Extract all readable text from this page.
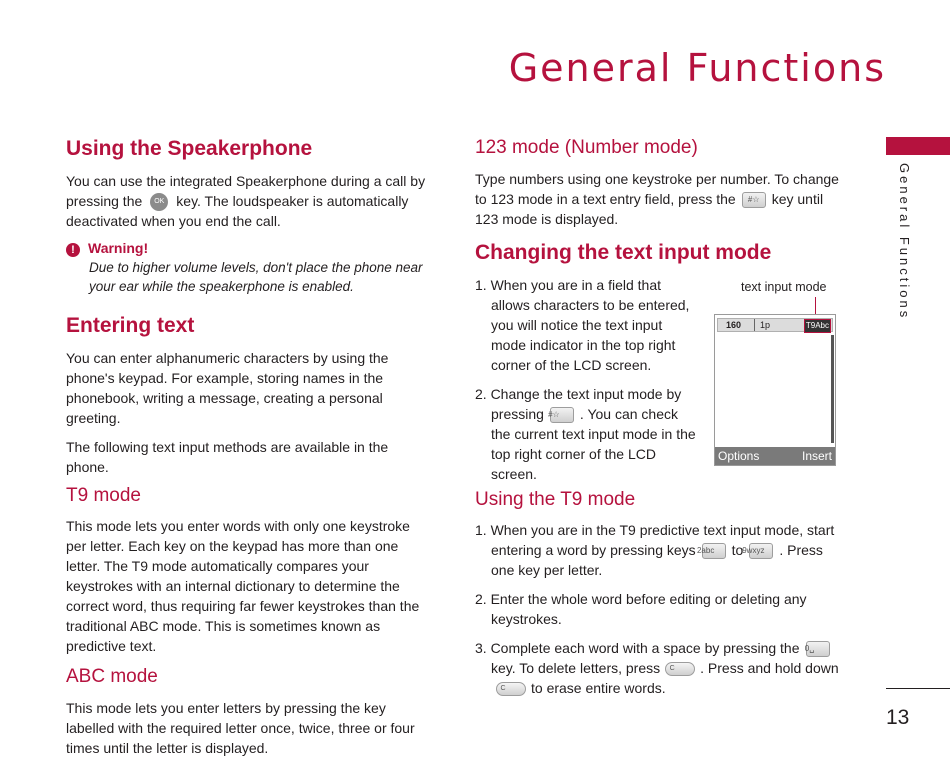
General Functions
General Functions
13
Using the Speakerphone

You can use the integrated Speakerphone during a call by pressing the OK key. The loudspeaker is automatically deactivated when you end the call.

! Warning!

Due to higher volume levels, don't place the phone near your ear while the speakerphone is enabled.

Entering text

You can enter alphanumeric characters by using the phone's keypad. For example, storing names in the phonebook, writing a message, creating a personal greeting.

The following text input methods are available in the phone.

T9 mode

This mode lets you enter words with only one keystroke per letter. Each key on the keypad has more than one letter. The T9 mode automatically compares your keystrokes with an internal dictionary to determine the correct word, thus requiring far fewer keystrokes than the traditional ABC mode. This is sometimes known as predictive text.

ABC mode

This mode lets you enter letters by pressing the key labelled with the required letter once, twice, three or four times until the letter is displayed.

123 mode (Number mode)

Type numbers using one keystroke per number. To change to 123 mode in a text entry field, press the #☆ key until 123 mode is displayed.

Changing the text input mode

1. When you are in a field that allows characters to be entered, you will notice the text input mode indicator in the top right corner of the LCD screen.

2. Change the text input mode by pressing #☆ . You can check the current text input mode in the top right corner of the LCD screen.

text input mode
160	1p	T9Abc
Options	Insert
Using the T9 mode

1. When you are in the T9 predictive text input mode, start entering a word by pressing keys2abc to9wxyz . Press one key per letter.

2. Enter the whole word before editing or deleting any keystrokes.

3. Complete each word with a space by pressing the 0␣key. To delete letters, press C . Press and hold downC to erase entire words.
